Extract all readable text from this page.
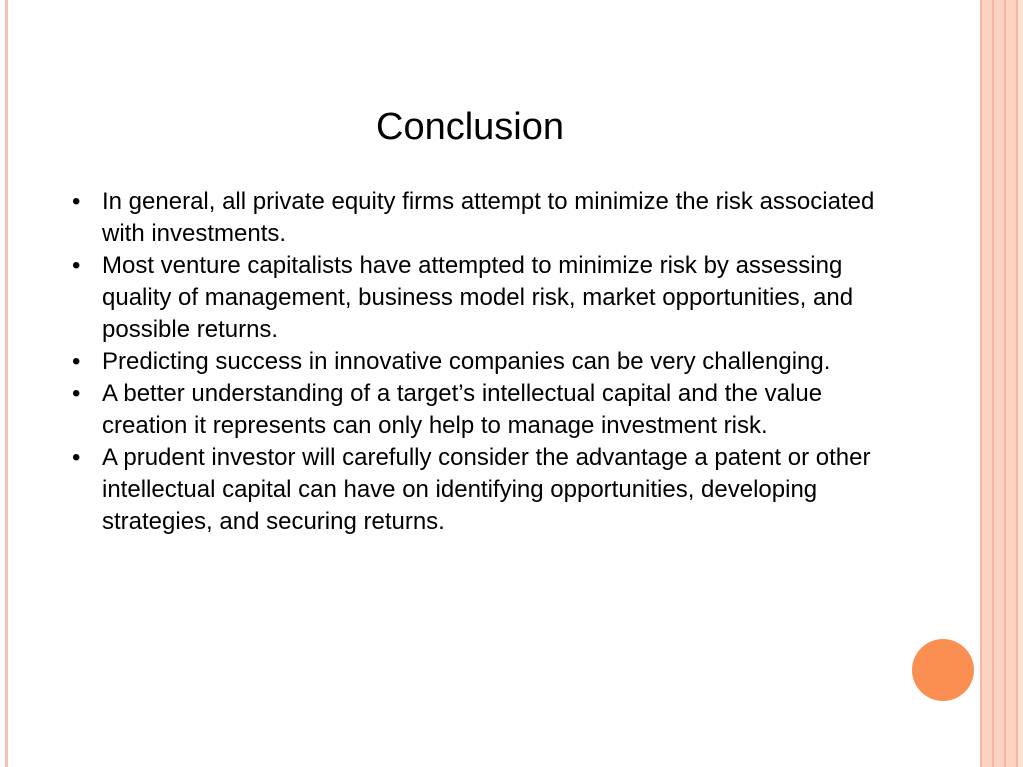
Conclusion
• In general, all private equity firms attempt to minimize the risk associated with investments.
• Most venture capitalists have attempted to minimize risk by assessing quality of management, business model risk, market opportunities, and possible returns.
• Predicting success in innovative companies can be very challenging.
• A better understanding of a target’s intellectual capital and the value creation it represents can only help to manage investment risk.
• A prudent investor will carefully consider the advantage a patent or other intellectual capital can have on identifying opportunities, developing strategies, and securing returns.
